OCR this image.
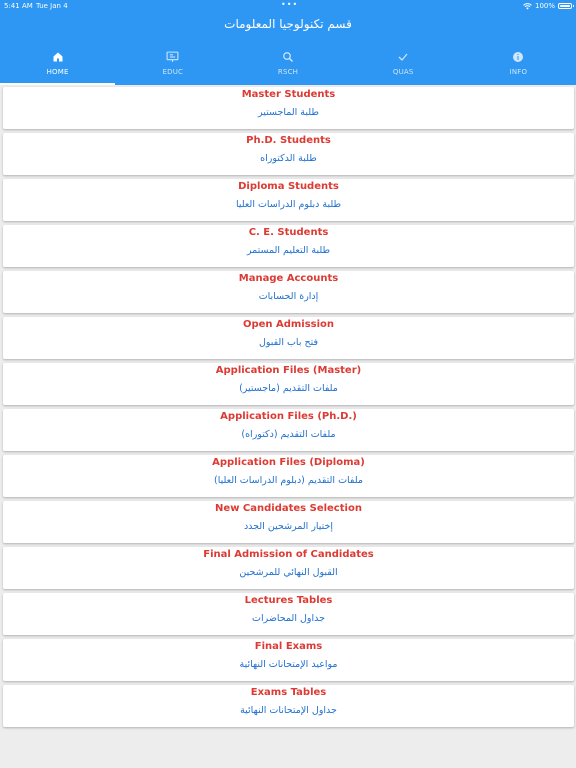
5:41 AM Tue Jan 4	•••	100%
قسم تكنولوجيا المعلومات
HOME	EDUC	RSCH	QUAS	INFO
Master Students
طلبة الماجستير
Ph.D. Students
طلبة الدكتوراه
Diploma Students
طلبة دبلوم الدراسات العليا
C. E. Students
طلبة التعليم المستمر
Manage Accounts
إدارة الحسابات
Open Admission
فتح باب القبول
Application Files (Master)
ملفات التقديم (ماجستير)
Application Files (Ph.D.)
ملفات التقديم (دكتوراه)
Application Files (Diploma)
ملفات التقديم (دبلوم الدراسات العليا)
New Candidates Selection
إختيار المرشحين الجدد
Final Admission of Candidates
القبول النهائي للمرشحين
Lectures Tables
جداول المحاضرات
Final Exams
مواعيد الإمتحانات النهائية
Exams Tables
جداول الإمتحانات النهائية
